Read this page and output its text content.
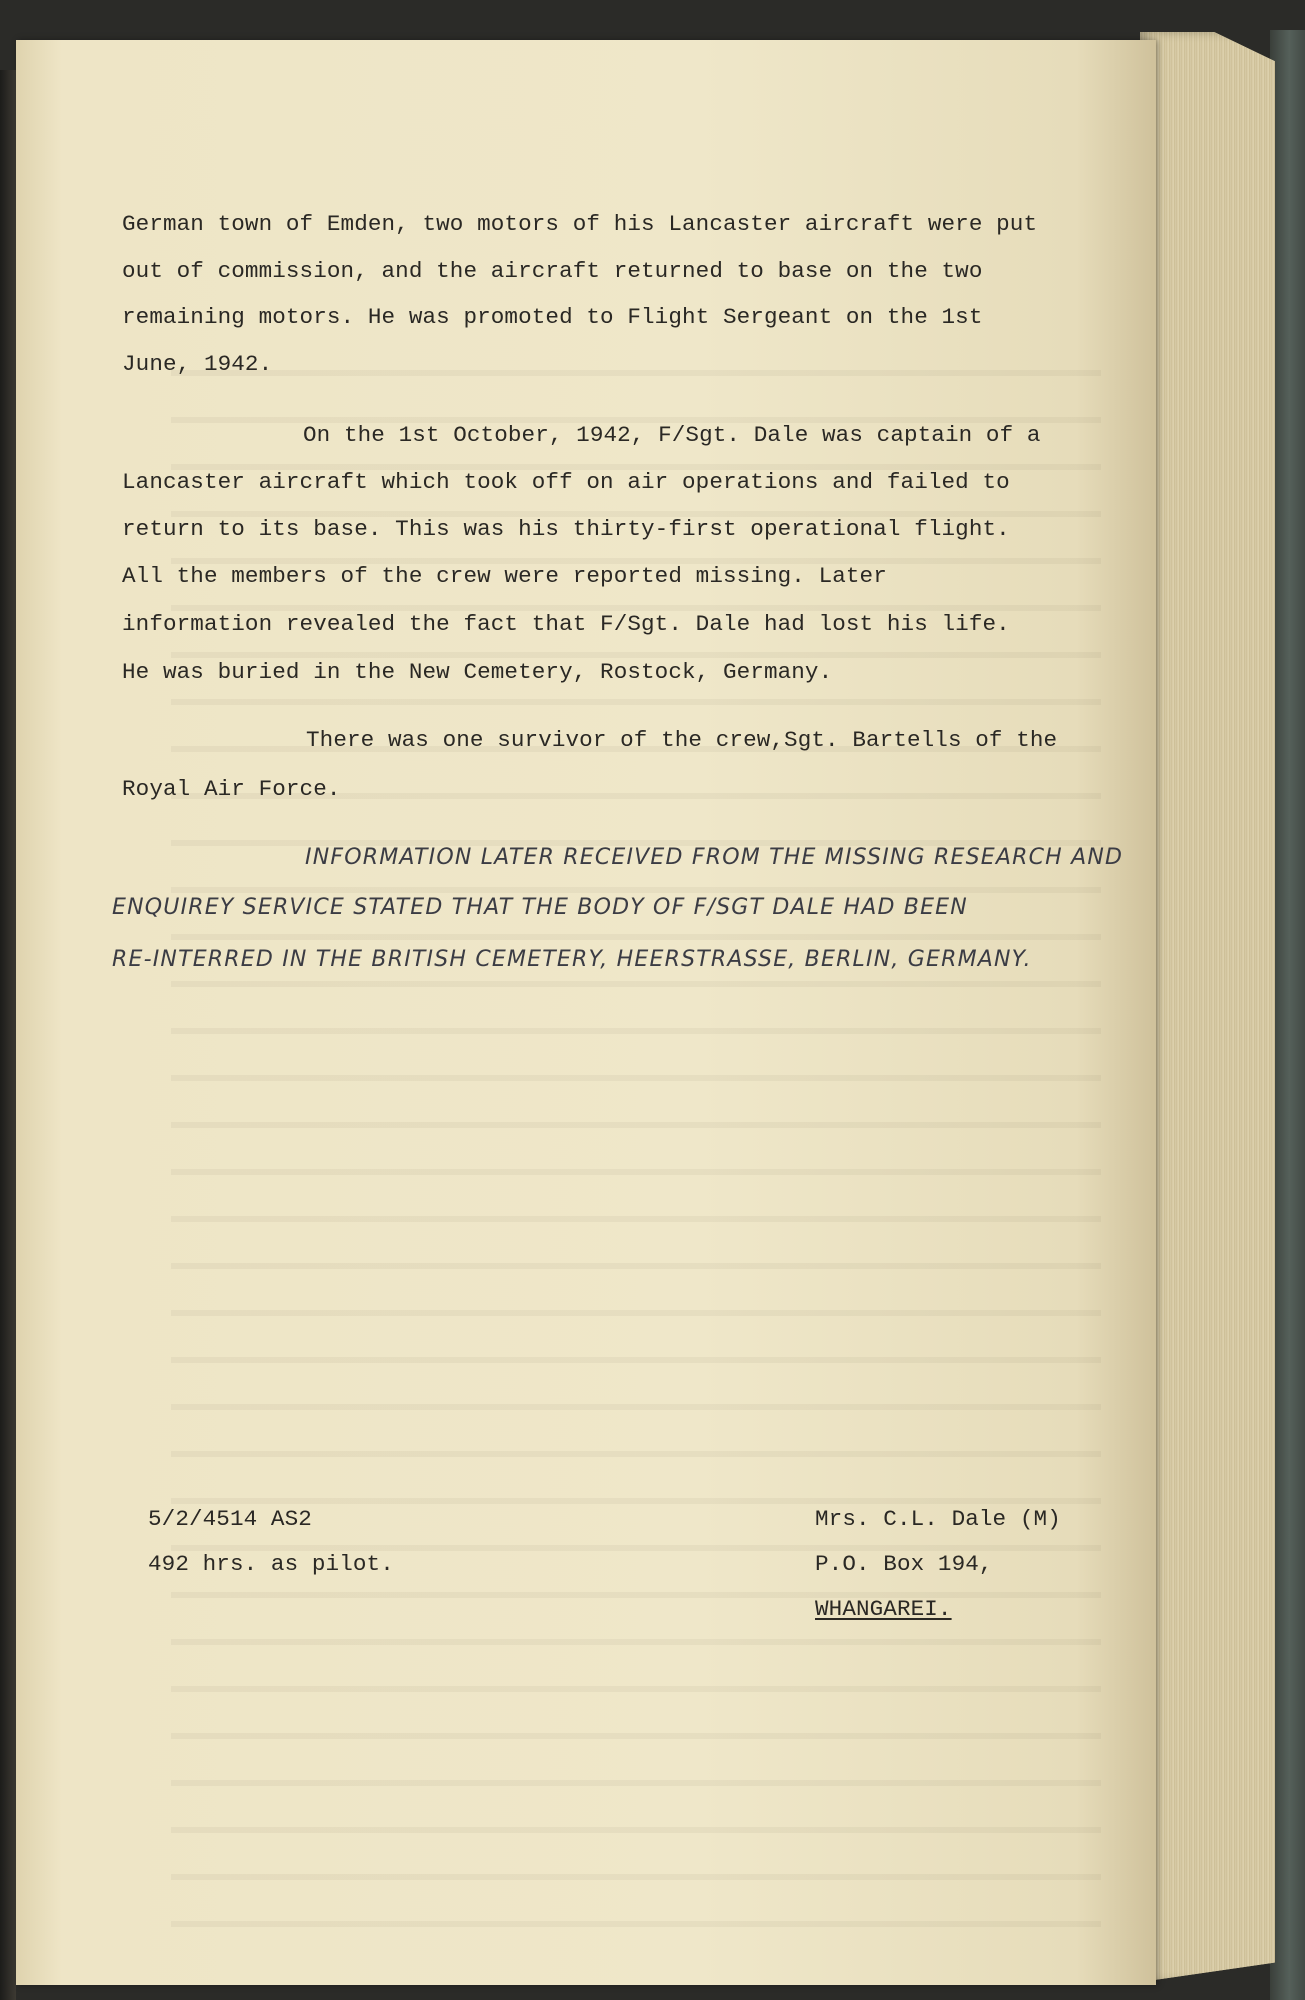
German town of Emden, two motors of his Lancaster aircraft were put

out of commission, and the aircraft returned to base on the two

remaining motors. He was promoted to Flight Sergeant on the 1st

June, 1942.

On the 1st October, 1942, F/Sgt. Dale was captain of a

Lancaster aircraft which took off on air operations and failed to

return to its base. This was his thirty-first operational flight.

All the members of the crew were reported missing. Later

information revealed the fact that F/Sgt. Dale had lost his life.

He was buried in the New Cemetery, Rostock, Germany.

There was one survivor of the crew,Sgt. Bartells of the

Royal Air Force.

INFORMATION LATER RECEIVED FROM THE MISSING RESEARCH AND

ENQUIREY SERVICE STATED THAT THE BODY OF F/SGT DALE HAD BEEN

RE-INTERRED IN THE BRITISH CEMETERY, HEERSTRASSE, BERLIN, GERMANY.

5/2/4514 AS2

492 hrs. as pilot.

Mrs. C.L. Dale (M)

P.O. Box 194,

WHANGAREI.
